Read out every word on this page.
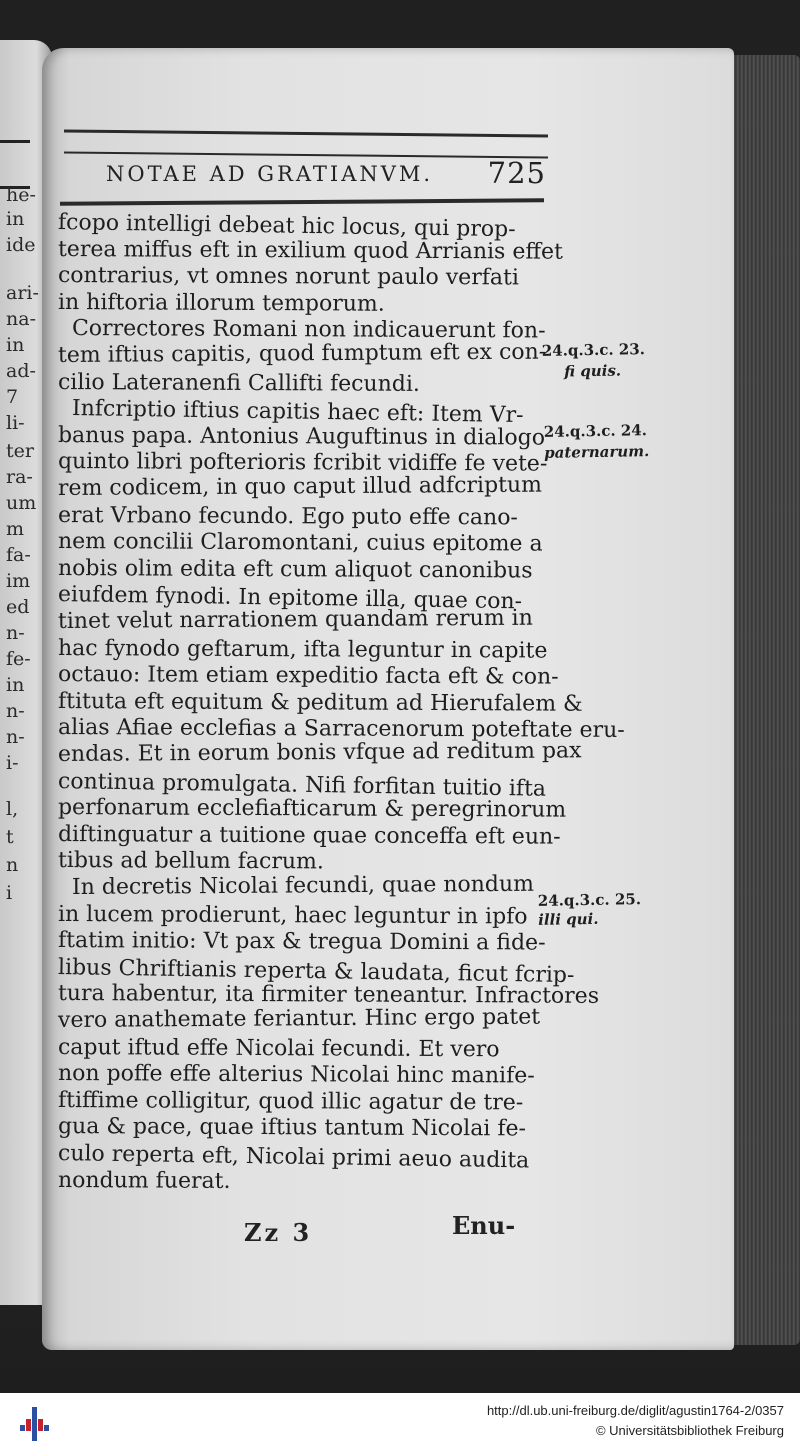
he-
in
ide
ari-
na-
in
ad-
7
li-
ter
ra-
um
m
fa-
im
ed
n-
fe-
in
n-
n-
i-
l,
t
n
i
NOTAE AD GRATIANVM. 725
fcopo intelligi debeat hic locus, qui prop-
terea miffus eft in exilium quod Arrianis effet
contrarius, vt omnes norunt paulo verfati
in hiftoria illorum temporum.
Correctores Romani non indicauerunt fon-
tem iftius capitis, quod fumptum eft ex con-
cilio Lateranenfi Callifti fecundi.
Infcriptio iftius capitis haec eft: Item Vr-
banus papa. Antonius Auguftinus in dialogo
quinto libri pofterioris fcribit vidiffe fe vete-
rem codicem, in quo caput illud adfcriptum
erat Vrbano fecundo. Ego puto effe cano-
nem concilii Claromontani, cuius epitome a
nobis olim edita eft cum aliquot canonibus
eiufdem fynodi. In epitome illa, quae con-
tinet velut narrationem quandam rerum in
hac fynodo geftarum, ifta leguntur in capite
octauo: Item etiam expeditio facta eft & con-
ftituta eft equitum & peditum ad Hierufalem &
alias Afiae ecclefias a Sarracenorum poteftate eru-
endas. Et in eorum bonis vfque ad reditum pax
continua promulgata. Nifi forfitan tuitio ifta
perfonarum ecclefiafticarum & peregrinorum
diftinguatur a tuitione quae conceffa eft eun-
tibus ad bellum facrum.
In decretis Nicolai fecundi, quae nondum
in lucem prodierunt, haec leguntur in ipfo
ftatim initio: Vt pax & tregua Domini a fide-
libus Chriftianis reperta & laudata, ficut fcrip-
tura habentur, ita firmiter teneantur. Infractores
vero anathemate feriantur. Hinc ergo patet
caput iftud effe Nicolai fecundi. Et vero
non poffe effe alterius Nicolai hinc manife-
ftiffime colligitur, quod illic agatur de tre-
gua & pace, quae iftius tantum Nicolai fe-
culo reperta eft, Nicolai primi aeuo audita
nondum fuerat.
24.q.3.c. 23.
fi quis.
24.q.3.c. 24.
paternarum.
24.q.3.c. 25.
illi qui.
Zz 3	Enu-
http://dl.ub.uni-freiburg.de/diglit/agustin1764-2/0357
© Universitätsbibliothek Freiburg
